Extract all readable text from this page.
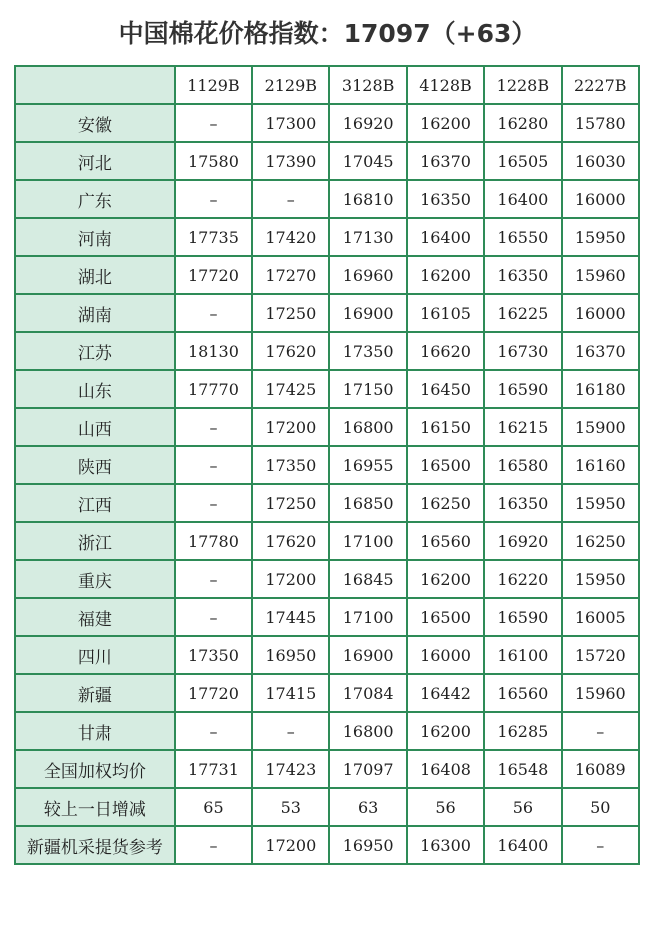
中国棉花价格指数：17097（+63）
	1129B	2129B	3128B	4128B	1228B	2227B
安徽	–	17300	16920	16200	16280	15780
河北	17580	17390	17045	16370	16505	16030
广东	–	–	16810	16350	16400	16000
河南	17735	17420	17130	16400	16550	15950
湖北	17720	17270	16960	16200	16350	15960
湖南	–	17250	16900	16105	16225	16000
江苏	18130	17620	17350	16620	16730	16370
山东	17770	17425	17150	16450	16590	16180
山西	–	17200	16800	16150	16215	15900
陕西	–	17350	16955	16500	16580	16160
江西	–	17250	16850	16250	16350	15950
浙江	17780	17620	17100	16560	16920	16250
重庆	–	17200	16845	16200	16220	15950
福建	–	17445	17100	16500	16590	16005
四川	17350	16950	16900	16000	16100	15720
新疆	17720	17415	17084	16442	16560	15960
甘肃	–	–	16800	16200	16285	–
全国加权均价	17731	17423	17097	16408	16548	16089
较上一日增减	65	53	63	56	56	50
新疆机采提货参考	–	17200	16950	16300	16400	–
